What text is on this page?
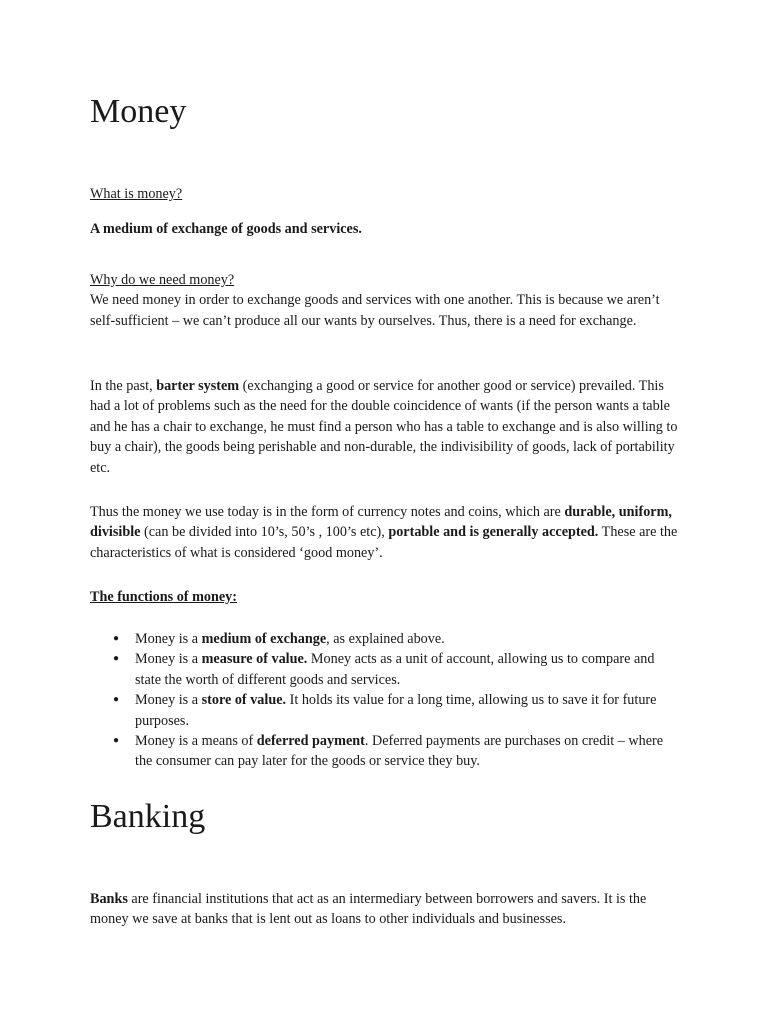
Money

What is money?

A medium of exchange of goods and services.

Why do we need money?
We need money in order to exchange goods and services with one another. This is because we aren’t self-sufficient – we can’t produce all our wants by ourselves. Thus, there is a need for exchange.

In the past, barter system (exchanging a good or service for another good or service) prevailed. This had a lot of problems such as the need for the double coincidence of wants (if the person wants a table and he has a chair to exchange, he must find a person who has a table to exchange and is also willing to buy a chair), the goods being perishable and non-durable, the indivisibility of goods, lack of portability etc.

Thus the money we use today is in the form of currency notes and coins, which are durable, uniform, divisible (can be divided into 10’s, 50’s , 100’s etc), portable and is generally accepted. These are the characteristics of what is considered ‘good money’.

The functions of money:

● Money is a medium of exchange, as explained above.
● Money is a measure of value. Money acts as a unit of account, allowing us to compare and state the worth of different goods and services.
● Money is a store of value. It holds its value for a long time, allowing us to save it for future purposes.
● Money is a means of deferred payment. Deferred payments are purchases on credit – where the consumer can pay later for the goods or service they buy.
Banking

Banks are financial institutions that act as an intermediary between borrowers and savers. It is the money we save at banks that is lent out as loans to other individuals and businesses.
